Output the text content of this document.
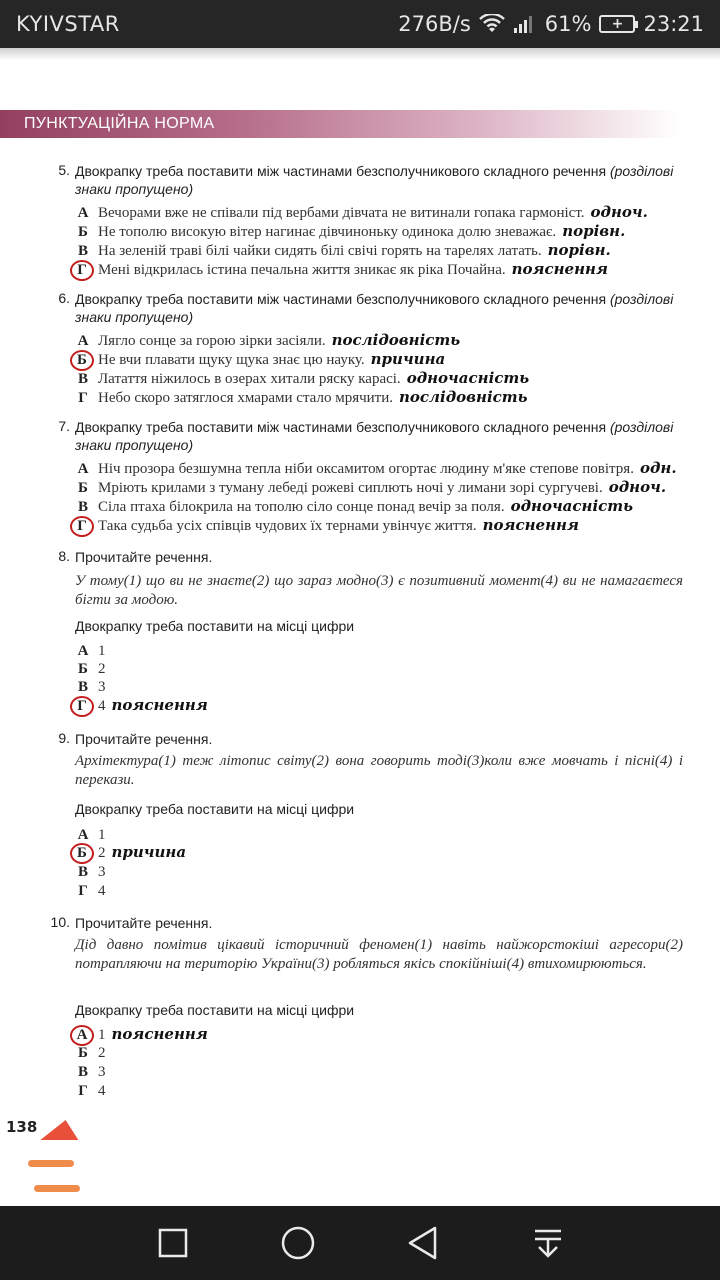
KYIVSTAR	276B/s	61%	+ 23:21
ПУНКТУАЦІЙНА НОРМА
5. Двокрапку треба поставити між частинами безсполучникового складного речення (розділові знаки пропущено)
А Вечорами вже не співали під вербами дівчата не витинали гопака гармоніст. одноч.
Б Не тополю високую вітер нагинає дівчиноньку одинока долю зневажає. порівн.
В На зеленій траві білі чайки сидять білі свічі горять на тарелях латать. порівн.
Г Мені відкрилась істина печальна життя зникає як ріка Почайна. пояснення
6. Двокрапку треба поставити між частинами безсполучникового складного речення (розділові знаки пропущено)
А Лягло сонце за горою зірки засіяли. послідовність
Б Не вчи плавати щуку щука знає цю науку. причина
В Латаття ніжилось в озерах хитали ряску карасі. одночасність
Г Небо скоро затяглося хмарами стало мрячити. послідовність
7. Двокрапку треба поставити між частинами безсполучникового складного речення (розділові знаки пропущено)
А Ніч прозора безшумна тепла ніби оксамитом огортає людину м'яке степове повітря. одн.
Б Мріють крилами з туману лебеді рожеві сиплють ночі у лимани зорі сургучеві. одноч.
В Сіла птаха білокрила на тополю сіло сонце понад вечір за поля. одночасність
Г Така судьба усіх співців чудових їх тернами увінчує життя. пояснення
8. Прочитайте речення.
У тому(1) що ви не знаєте(2) що зараз модно(3) є позитивний момент(4) ви не намагаєтеся бігти за модою.
Двокрапку треба поставити на місці цифри
А 1
Б 2
В 3
Г 4 пояснення
9. Прочитайте речення.
Архітектура(1) теж літопис світу(2) вона говорить тоді(3)коли вже мовчать і пісні(4) і перекази.
Двокрапку треба поставити на місці цифри
А 1
Б 2 причина
В 3
Г 4
10. Прочитайте речення.
Дід давно помітив цікавий історичний феномен(1) навіть найжорстокіші агресори(2) потрапляючи на територію України(3) робляться якісь спокійніші(4) втихомирюються.
Двокрапку треба поставити на місці цифри
А 1 пояснення
Б 2
В 3
Г 4
138
